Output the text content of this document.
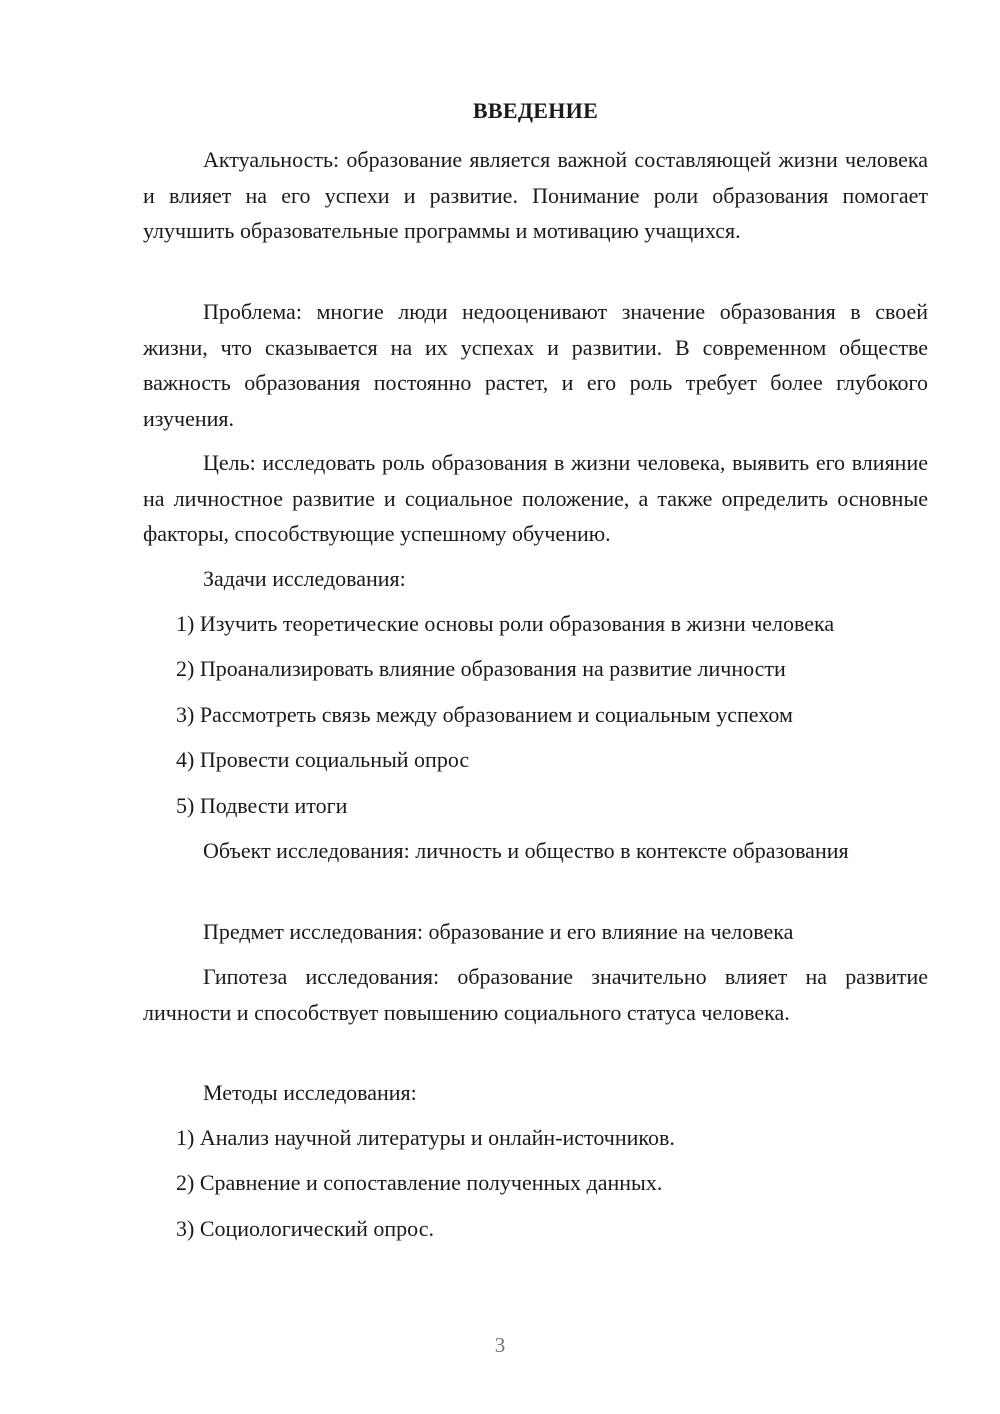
ВВЕДЕНИЕ

Актуальность: образование является важной составляющей жизни человека и влияет на его успехи и развитие. Понимание роли образования помогает улучшить образовательные программы и мотивацию учащихся.

Проблема: многие люди недооценивают значение образования в своей жизни, что сказывается на их успехах и развитии. В современном обществе важность образования постоянно растет, и его роль требует более глубокого изучения.

Цель: исследовать роль образования в жизни человека, выявить его влияние на личностное развитие и социальное положение, а также определить основные факторы, способствующие успешному обучению.

Задачи исследования:

1) Изучить теоретические основы роли образования в жизни человека

2) Проанализировать влияние образования на развитие личности

3) Рассмотреть связь между образованием и социальным успехом

4) Провести социальный опрос

5) Подвести итоги

Объект исследования: личность и общество в контексте образования

Предмет исследования: образование и его влияние на человека

Гипотеза исследования: образование значительно влияет на развитие личности и способствует повышению социального статуса человека.

Методы исследования:

1) Анализ научной литературы и онлайн-источников.

2) Сравнение и сопоставление полученных данных.

3) Социологический опрос.

3
